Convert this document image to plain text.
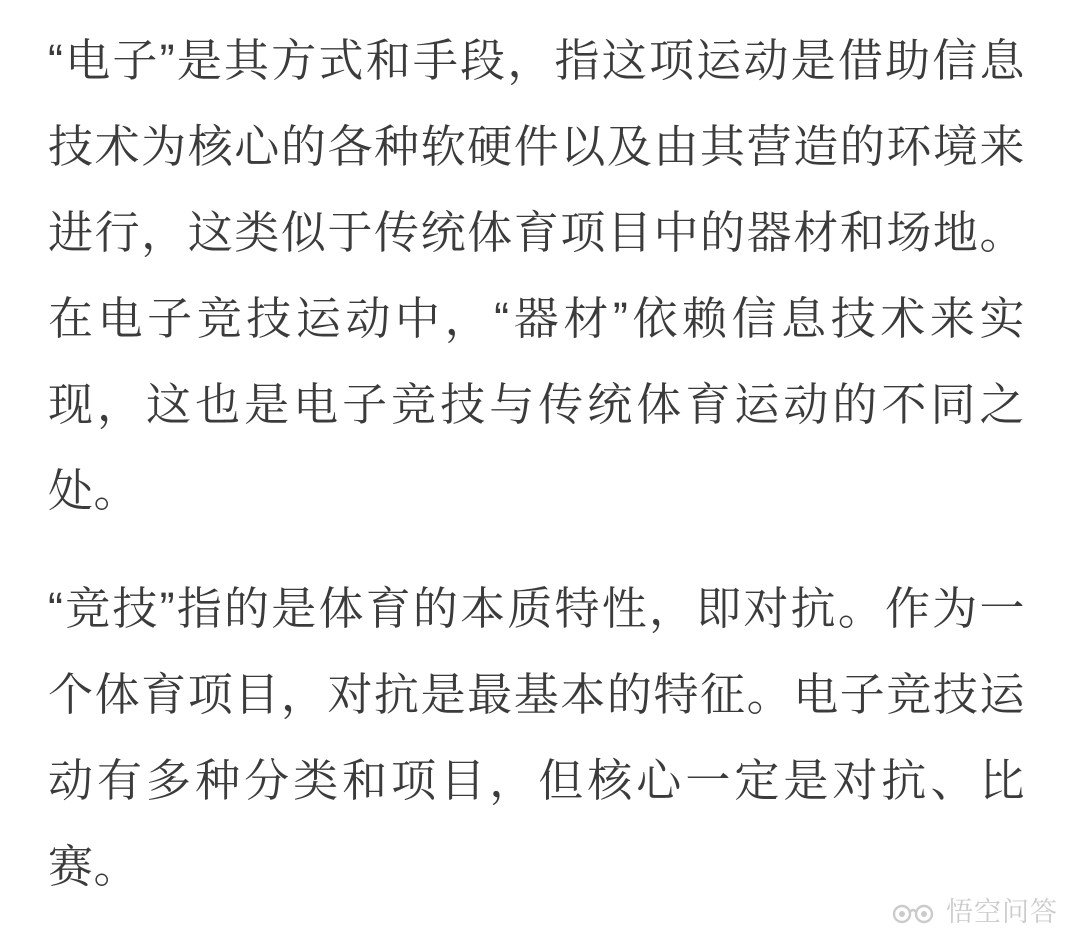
“电子”是其方式和手段，指这项运动是借助信息技术为核心的各种软硬件以及由其营造的环境来进行，这类似于传统体育项目中的器材和场地。在电子竞技运动中，“器材”依赖信息技术来实现，这也是电子竞技与传统体育运动的不同之处。

“竞技”指的是体育的本质特性，即对抗。作为一个体育项目，对抗是最基本的特征。电子竞技运动有多种分类和项目，但核心一定是对抗、比赛。

悟空问答
